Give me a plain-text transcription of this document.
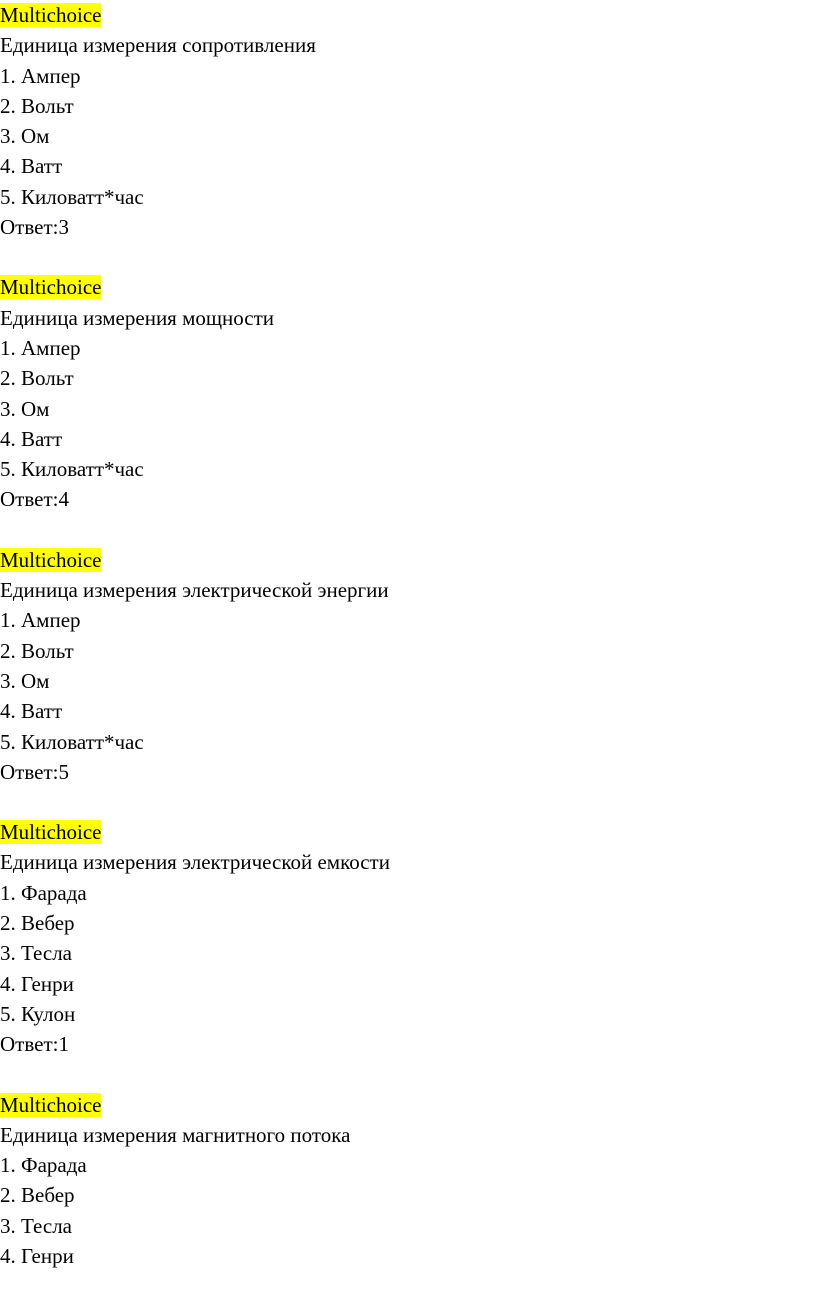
Multichoice
Единица измерения сопротивления
1. Ампер
2. Вольт
3. Ом
4. Ватт
5. Киловатт*час
Ответ:3
Multichoice
Единица измерения мощности
1. Ампер
2. Вольт
3. Ом
4. Ватт
5. Киловатт*час
Ответ:4
Multichoice
Единица измерения электрической энергии
1. Ампер
2. Вольт
3. Ом
4. Ватт
5. Киловатт*час
Ответ:5
Multichoice
Единица измерения электрической емкости
1. Фарада
2. Вебер
3. Тесла
4. Генри
5. Кулон
Ответ:1
Multichoice
Единица измерения магнитного потока
1. Фарада
2. Вебер
3. Тесла
4. Генри
